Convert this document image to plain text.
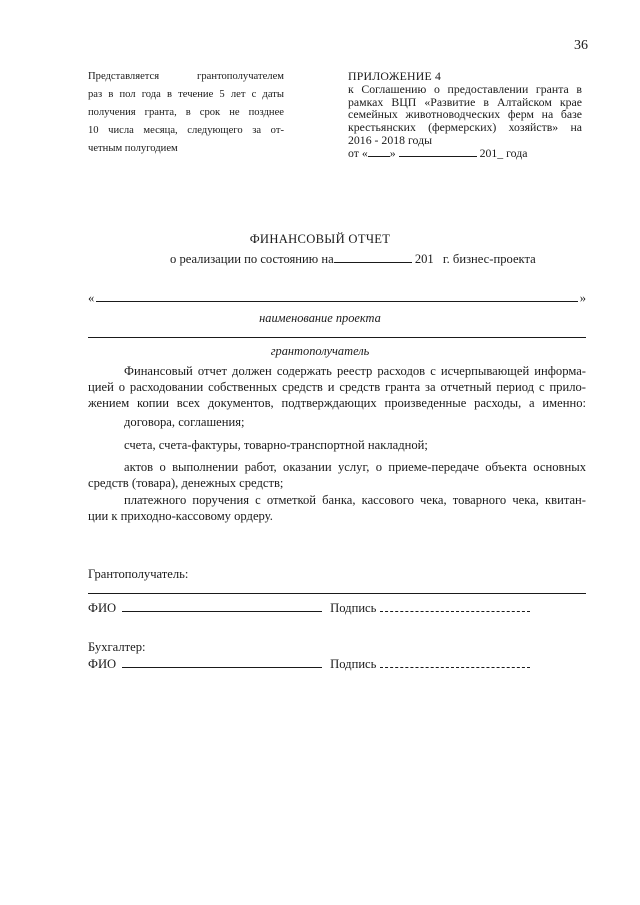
36
Представляется грантополучателем
раз в пол года в течение 5 лет с даты
получения гранта, в срок не позднее
10 числа месяца, следующего за от-
четным полугодием
ПРИЛОЖЕНИЕ 4
к Соглашению о предоставлении гранта в
рамках ВЦП «Развитие в Алтайском крае
семейных животноводческих ферм на базе
крестьянских (фермерских) хозяйств» на
2016 - 2018 годы
от « »	201_ года
ФИНАНСОВЫЙ ОТЧЕТ
о реализации по состоянию на	201 г. бизнес-проекта
«	»
наименование проекта
грантополучатель
Финансовый отчет должен содержать реестр расходов с исчерпывающей информа-
цией о расходовании собственных средств и средств гранта за отчетный период с прило-
жением копии всех документов, подтверждающих произведенные расходы, а именно:
договора, соглашения;
счета, счета-фактуры, товарно-транспортной накладной;
актов о выполнении работ, оказании услуг, о приеме-передаче объекта основных
средств (товара), денежных средств;
платежного поручения с отметкой банка, кассового чека, товарного чека, квитан-
ции к приходно-кассовому ордеру.
Грантополучатель:
ФИО	Подпись
Бухгалтер:
ФИО	Подпись
